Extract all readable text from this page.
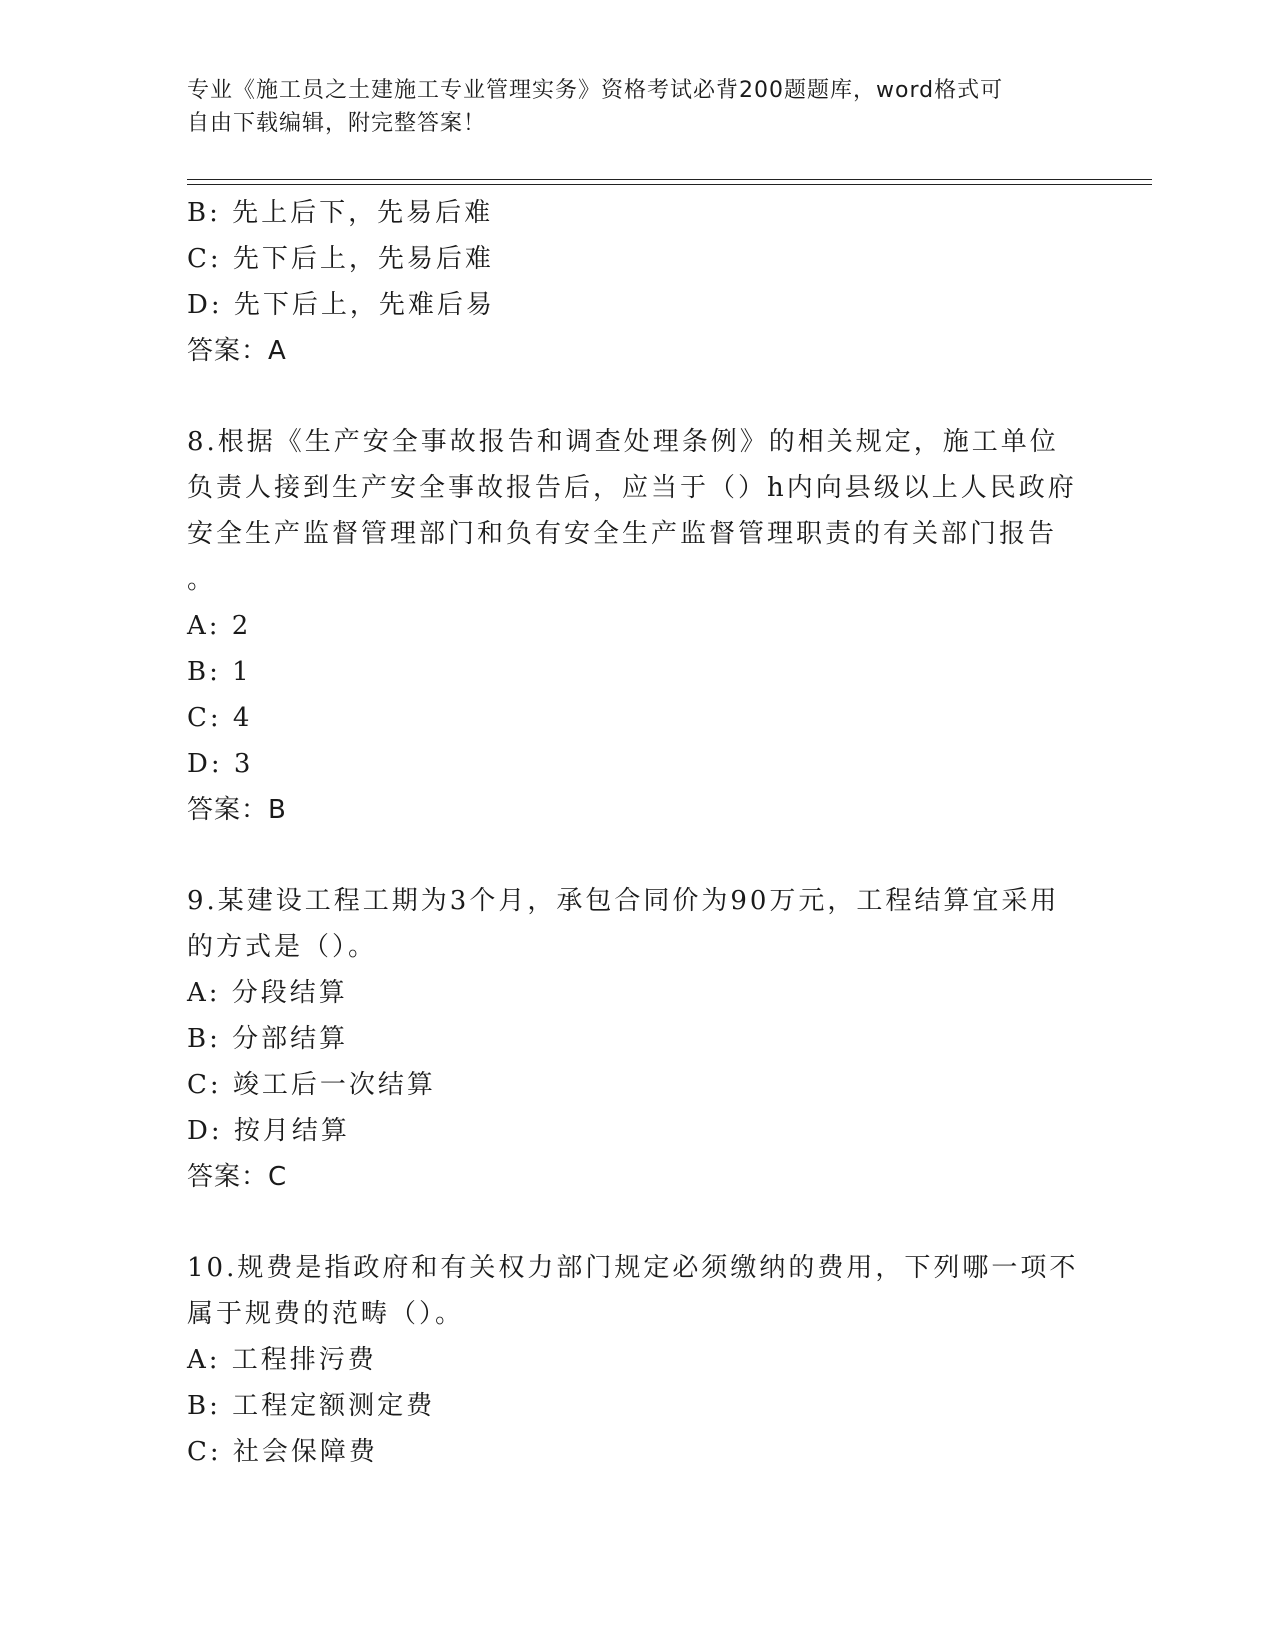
专业《施工员之土建施工专业管理实务》资格考试必背200题题库，word格式可
自由下载编辑，附完整答案！
B: 先上后下，先易后难
C: 先下后上，先易后难
D: 先下后上，先难后易
答案：A
8.根据《生产安全事故报告和调查处理条例》的相关规定，施工单位
负责人接到生产安全事故报告后，应当于（）h内向县级以上人民政府
安全生产监督管理部门和负有安全生产监督管理职责的有关部门报告
。
A: 2
B: 1
C: 4
D: 3
答案：B
9.某建设工程工期为3个月，承包合同价为90万元，工程结算宜采用
的方式是（）。
A: 分段结算
B: 分部结算
C: 竣工后一次结算
D: 按月结算
答案：C
10.规费是指政府和有关权力部门规定必须缴纳的费用，下列哪一项不
属于规费的范畴（）。
A: 工程排污费
B: 工程定额测定费
C: 社会保障费
